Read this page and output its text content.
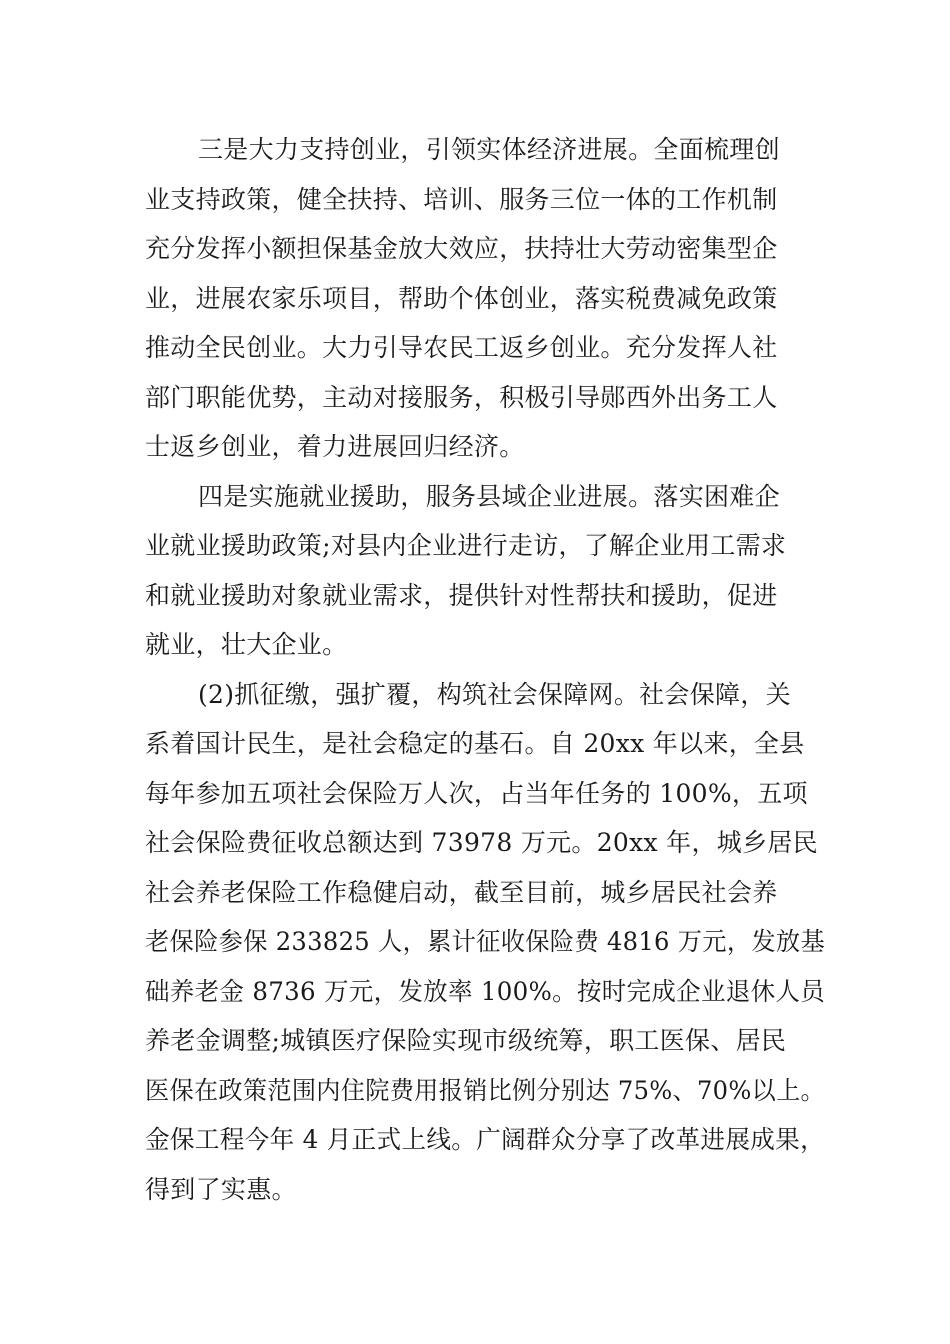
三是大力支持创业，引领实体经济进展。全面梳理创
业支持政策，健全扶持、培训、服务三位一体的工作机制
充分发挥小额担保基金放大效应，扶持壮大劳动密集型企
业，进展农家乐项目，帮助个体创业，落实税费减免政策
推动全民创业。大力引导农民工返乡创业。充分发挥人社
部门职能优势，主动对接服务，积极引导郧西外出务工人
士返乡创业，着力进展回归经济。
四是实施就业援助，服务县域企业进展。落实困难企
业就业援助政策;对县内企业进行走访，了解企业用工需求
和就业援助对象就业需求，提供针对性帮扶和援助，促进
就业，壮大企业。
(2)抓征缴，强扩覆，构筑社会保障网。社会保障，关
系着国计民生，是社会稳定的基石。自 20xx 年以来，全县
每年参加五项社会保险万人次，占当年任务的 100%，五项
社会保险费征收总额达到 73978 万元。20xx 年，城乡居民
社会养老保险工作稳健启动，截至目前，城乡居民社会养
老保险参保 233825 人，累计征收保险费 4816 万元，发放基
础养老金 8736 万元，发放率 100%。按时完成企业退休人员
养老金调整;城镇医疗保险实现市级统筹，职工医保、居民
医保在政策范围内住院费用报销比例分别达 75%、70%以上。
金保工程今年 4 月正式上线。广阔群众分享了改革进展成果，
得到了实惠。
